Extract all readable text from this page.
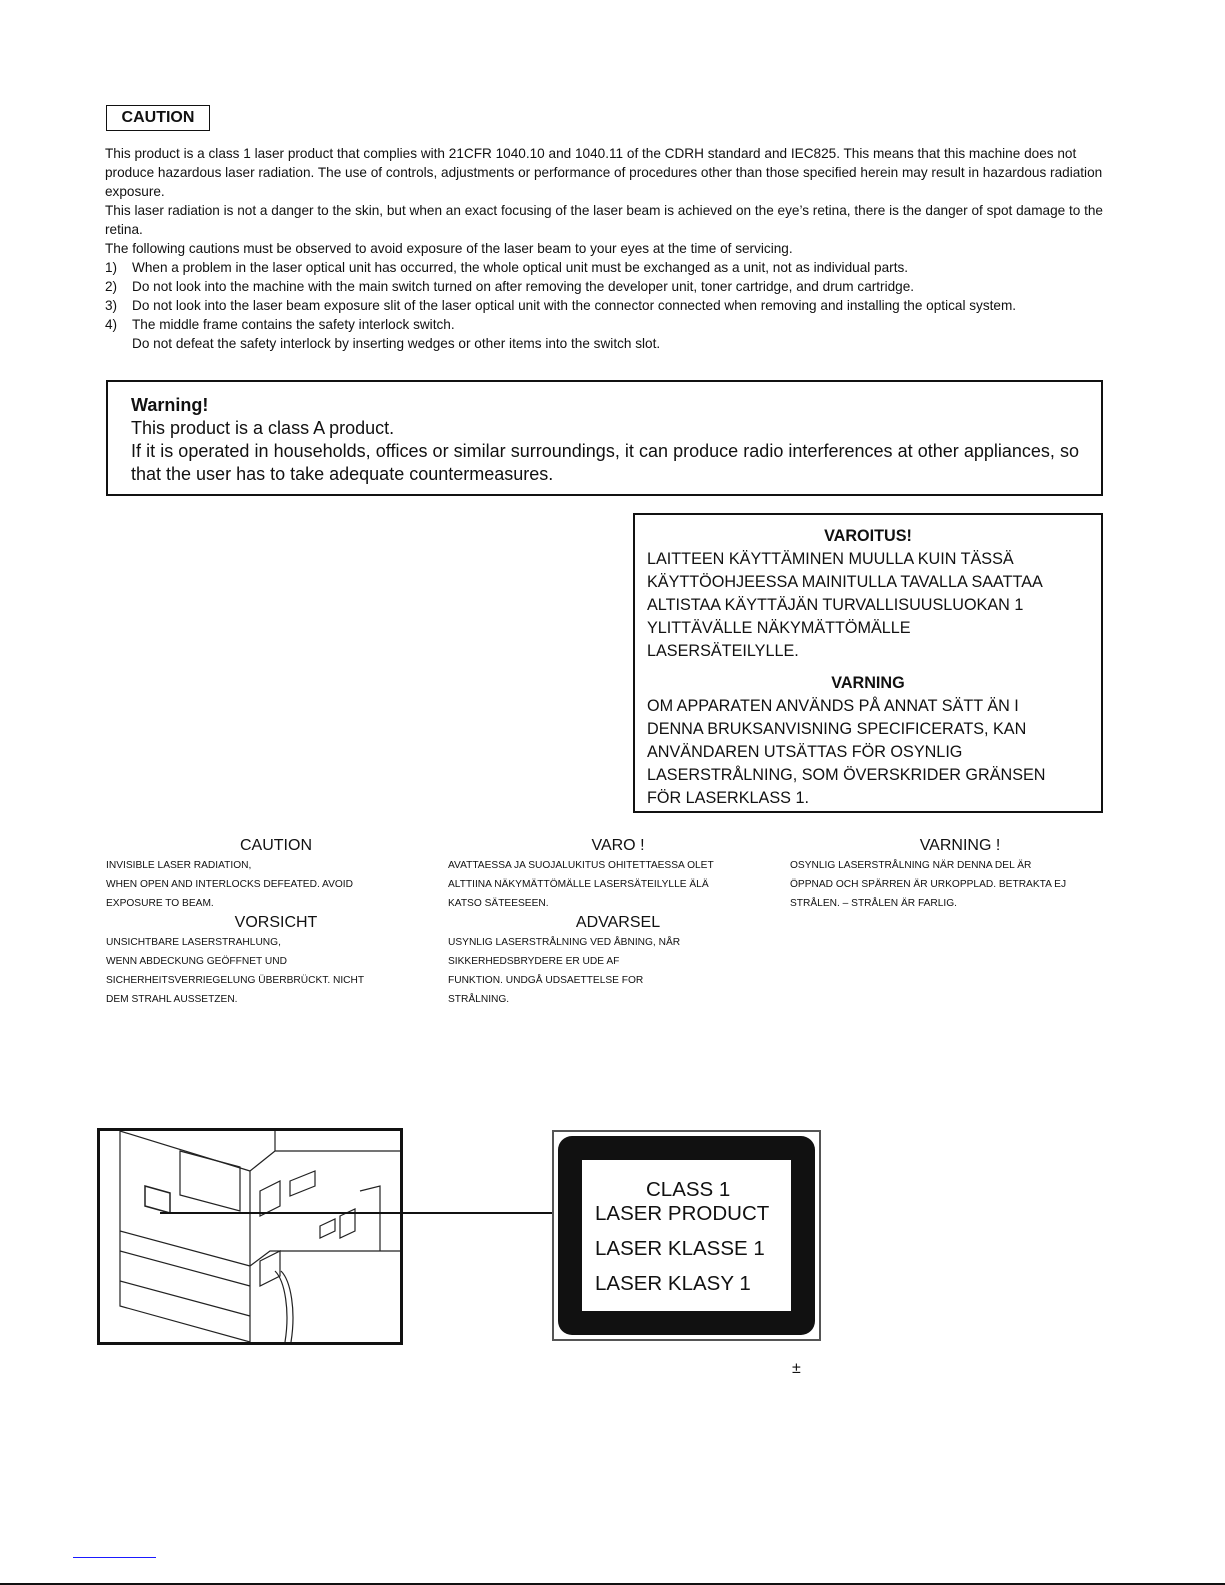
CAUTION

This product is a class 1 laser product that complies with 21CFR 1040.10 and 1040.11 of the CDRH standard and IEC825. This means that this machine does not produce hazardous laser radiation. The use of controls, adjustments or performance of procedures other than those specified herein may result in hazardous radiation exposure.

This laser radiation is not a danger to the skin, but when an exact focusing of the laser beam is achieved on the eye’s retina, there is the danger of spot damage to the retina.

The following cautions must be observed to avoid exposure of the laser beam to your eyes at the time of servicing.

1)	When a problem in the laser optical unit has occurred, the whole optical unit must be exchanged as a unit, not as individual parts.
2)	Do not look into the machine with the main switch turned on after removing the developer unit, toner cartridge, and drum cartridge.
3)	Do not look into the laser beam exposure slit of the laser optical unit with the connector connected when removing and installing the optical system.
4)	The middle frame contains the safety interlock switch.
Do not defeat the safety interlock by inserting wedges or other items into the switch slot.
Warning!
This product is a class A product.
If it is operated in households, offices or similar surroundings, it can produce radio interferences at other appliances, so that the user has to take adequate countermeasures.
VAROITUS!
LAITTEEN KÄYTTÄMINEN MUULLA KUIN TÄSSÄ
KÄYTTÖOHJEESSA MAINITULLA TAVALLA SAATTAA
ALTISTAA KÄYTTÄJÄN TURVALLISUUSLUOKAN 1
YLITTÄVÄLLE NÄKYMÄTTÖMÄLLE
LASERSÄTEILYLLE.
VARNING
OM APPARATEN ANVÄNDS PÅ ANNAT SÄTT ÄN I
DENNA BRUKSANVISNING SPECIFICERATS, KAN
ANVÄNDAREN UTSÄTTAS FÖR OSYNLIG
LASERSTRÅLNING, SOM ÖVERSKRIDER GRÄNSEN
FÖR LASERKLASS 1.
CAUTION
INVISIBLE LASER RADIATION,
WHEN OPEN AND INTERLOCKS DEFEATED. AVOID
EXPOSURE TO BEAM.
VORSICHT
UNSICHTBARE LASERSTRAHLUNG,
WENN ABDECKUNG GEÖFFNET UND
SICHERHEITSVERRIEGELUNG ÜBERBRÜCKT. NICHT
DEM STRAHL AUSSETZEN.
VARO !
AVATTAESSA JA SUOJALUKITUS OHITETTAESSA OLET
ALTTIINA NÄKYMÄTTÖMÄLLE LASERSÄTEILYLLE ÄLÄ
KATSO SÄTEESEEN.
ADVARSEL
USYNLIG LASERSTRÅLNING VED ÅBNING, NÅR
SIKKERHEDSBRYDERE ER UDE AF
FUNKTION. UNDGÅ UDSAETTELSE FOR
STRÅLNING.
VARNING !
OSYNLIG LASERSTRÅLNING NÄR DENNA DEL ÄR
ÖPPNAD OCH SPÄRREN ÄR URKOPPLAD. BETRAKTA EJ
STRÅLEN. – STRÅLEN ÄR FARLIG.
CLASS 1
LASER PRODUCT
LASER KLASSE 1
LASER KLASY 1
±
